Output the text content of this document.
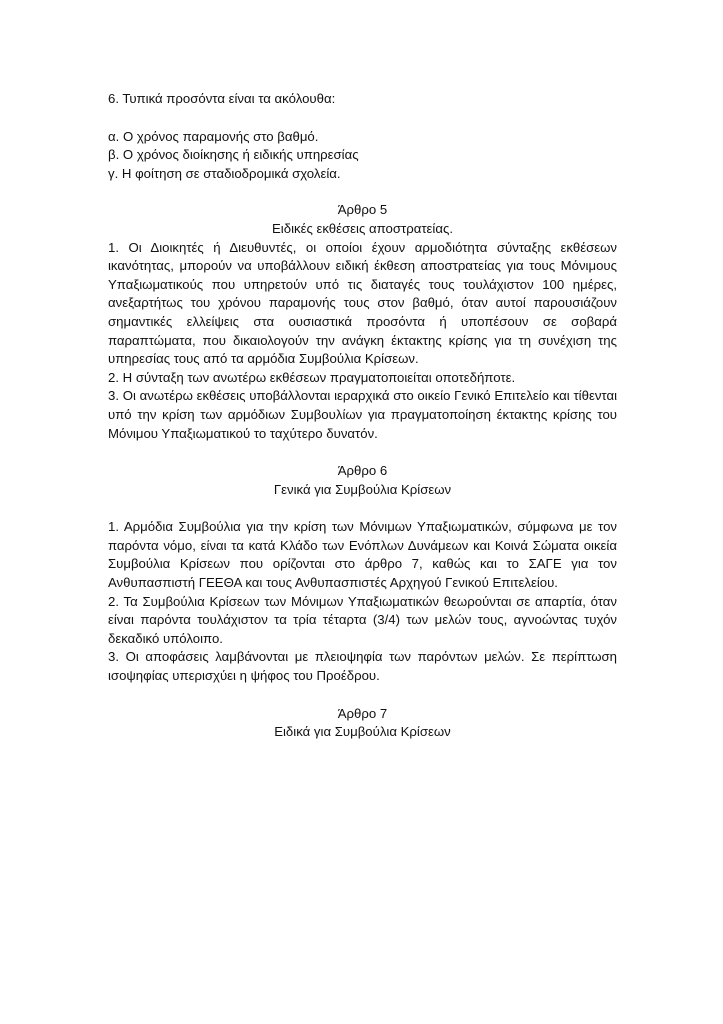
6. Τυπικά προσόντα είναι τα ακόλουθα:

α. Ο χρόνος παραμονής στο βαθμό.

β. Ο χρόνος διοίκησης ή ειδικής υπηρεσίας

γ. Η φοίτηση σε σταδιοδρομικά σχολεία.

Άρθρο 5

Ειδικές εκθέσεις αποστρατείας.

1. Οι Διοικητές ή Διευθυντές, οι οποίοι έχουν αρμοδιότητα σύνταξης εκθέσεων ικανότητας, μπορούν να υποβάλλουν ειδική έκθεση αποστρατείας για τους Μόνιμους Υπαξιωματικούς που υπηρετούν υπό τις διαταγές τους τουλάχιστον 100 ημέρες, ανεξαρτήτως του χρόνου παραμονής τους στον βαθμό, όταν αυτοί παρουσιάζουν σημαντικές ελλείψεις στα ουσιαστικά προσόντα ή υποπέσουν σε σοβαρά παραπτώματα, που δικαιολογούν την ανάγκη έκτακτης κρίσης για τη συνέχιση της υπηρεσίας τους από τα αρμόδια Συμβούλια Κρίσεων.

2. Η σύνταξη των ανωτέρω εκθέσεων πραγματοποιείται οποτεδήποτε.

3. Οι ανωτέρω εκθέσεις υποβάλλονται ιεραρχικά στο οικείο Γενικό Επιτελείο και τίθενται υπό την κρίση των αρμόδιων Συμβουλίων για πραγματοποίηση έκτακτης κρίσης του Μόνιμου Υπαξιωματικού το ταχύτερο δυνατόν.

Άρθρο 6

Γενικά για Συμβούλια Κρίσεων

1. Αρμόδια Συμβούλια για την κρίση των Μόνιμων Υπαξιωματικών, σύμφωνα με τον παρόντα νόμο, είναι τα κατά Κλάδο των Ενόπλων Δυνάμεων και Κοινά Σώματα οικεία Συμβούλια Κρίσεων που ορίζονται στο άρθρο 7, καθώς και το ΣΑΓΕ για τον Ανθυπασπιστή ΓΕΕΘΑ και τους Ανθυπασπιστές Αρχηγού Γενικού Επιτελείου.

2. Τα Συμβούλια Κρίσεων των Μόνιμων Υπαξιωματικών θεωρούνται σε απαρτία, όταν είναι παρόντα τουλάχιστον τα τρία τέταρτα (3/4) των μελών τους, αγνοώντας τυχόν δεκαδικό υπόλοιπο.

3. Οι αποφάσεις λαμβάνονται με πλειοψηφία των παρόντων μελών. Σε περίπτωση ισοψηφίας υπερισχύει η ψήφος του Προέδρου.

Άρθρο 7

Ειδικά για Συμβούλια Κρίσεων
